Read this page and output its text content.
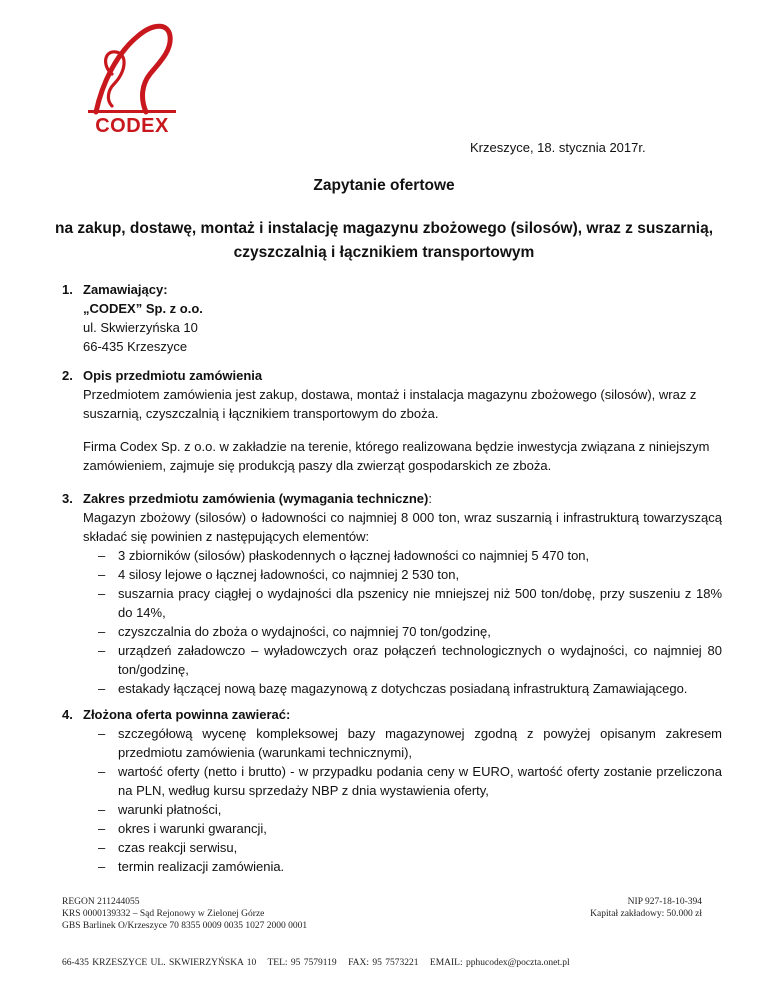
CODEX
Krzeszyce, 18. stycznia 2017r.
Zapytanie ofertowe
na zakup, dostawę, montaż i instalację magazynu zbożowego (silosów), wraz z suszarnią,
czyszczalnią i łącznikiem transportowym
1. Zamawiający:
„CODEX” Sp. z o.o.
ul. Skwierzyńska 10
66-435 Krzeszyce
2. Opis przedmiotu zamówienia
Przedmiotem zamówienia jest zakup, dostawa, montaż i instalacja magazynu zbożowego (silosów), wraz z suszarnią, czyszczalnią i łącznikiem transportowym do zboża.
Firma Codex Sp. z o.o. w zakładzie na terenie, którego realizowana będzie inwestycja związana z niniejszym zamówieniem, zajmuje się produkcją paszy dla zwierząt gospodarskich ze zboża.
3. Zakres przedmiotu zamówienia (wymagania techniczne):
Magazyn zbożowy (silosów) o ładowności co najmniej 8 000 ton, wraz suszarnią i infrastrukturą towarzyszącą składać się powinien z następujących elementów:
– 3 zbiorników (silosów) płaskodennych o łącznej ładowności co najmniej 5 470 ton,
– 4 silosy lejowe o łącznej ładowności, co najmniej 2 530 ton,
– suszarnia pracy ciągłej o wydajności dla pszenicy nie mniejszej niż 500 ton/dobę, przy suszeniu z 18% do 14%,
– czyszczalnia do zboża o wydajności, co najmniej 70 ton/godzinę,
– urządzeń załadowczo – wyładowczych oraz połączeń technologicznych o wydajności, co najmniej 80 ton/godzinę,
– estakady łączącej nową bazę magazynową z dotychczas posiadaną infrastrukturą Zamawiającego.
4. Złożona oferta powinna zawierać:
– szczegółową wycenę kompleksowej bazy magazynowej zgodną z powyżej opisanym zakresem przedmiotu zamówienia (warunkami technicznymi),
– wartość oferty (netto i brutto) - w przypadku podania ceny w EURO, wartość oferty zostanie przeliczona na PLN, według kursu sprzedaży NBP z dnia wystawienia oferty,
– warunki płatności,
– okres i warunki gwarancji,
– czas reakcji serwisu,
– termin realizacji zamówienia.
REGON 211244055
KRS 0000139332 – Sąd Rejonowy w Zielonej Górze
GBS Barlinek O/Krzeszyce 70 8355 0009 0035 1027 2000 0001
NIP 927-18-10-394
Kapitał zakładowy: 50.000 zł
66-435 KRZESZYCE UL. SKWIERZYŃSKA 10 TEL: 95 7579119 FAX: 95 7573221 EMAIL: pphucodex@poczta.onet.pl
